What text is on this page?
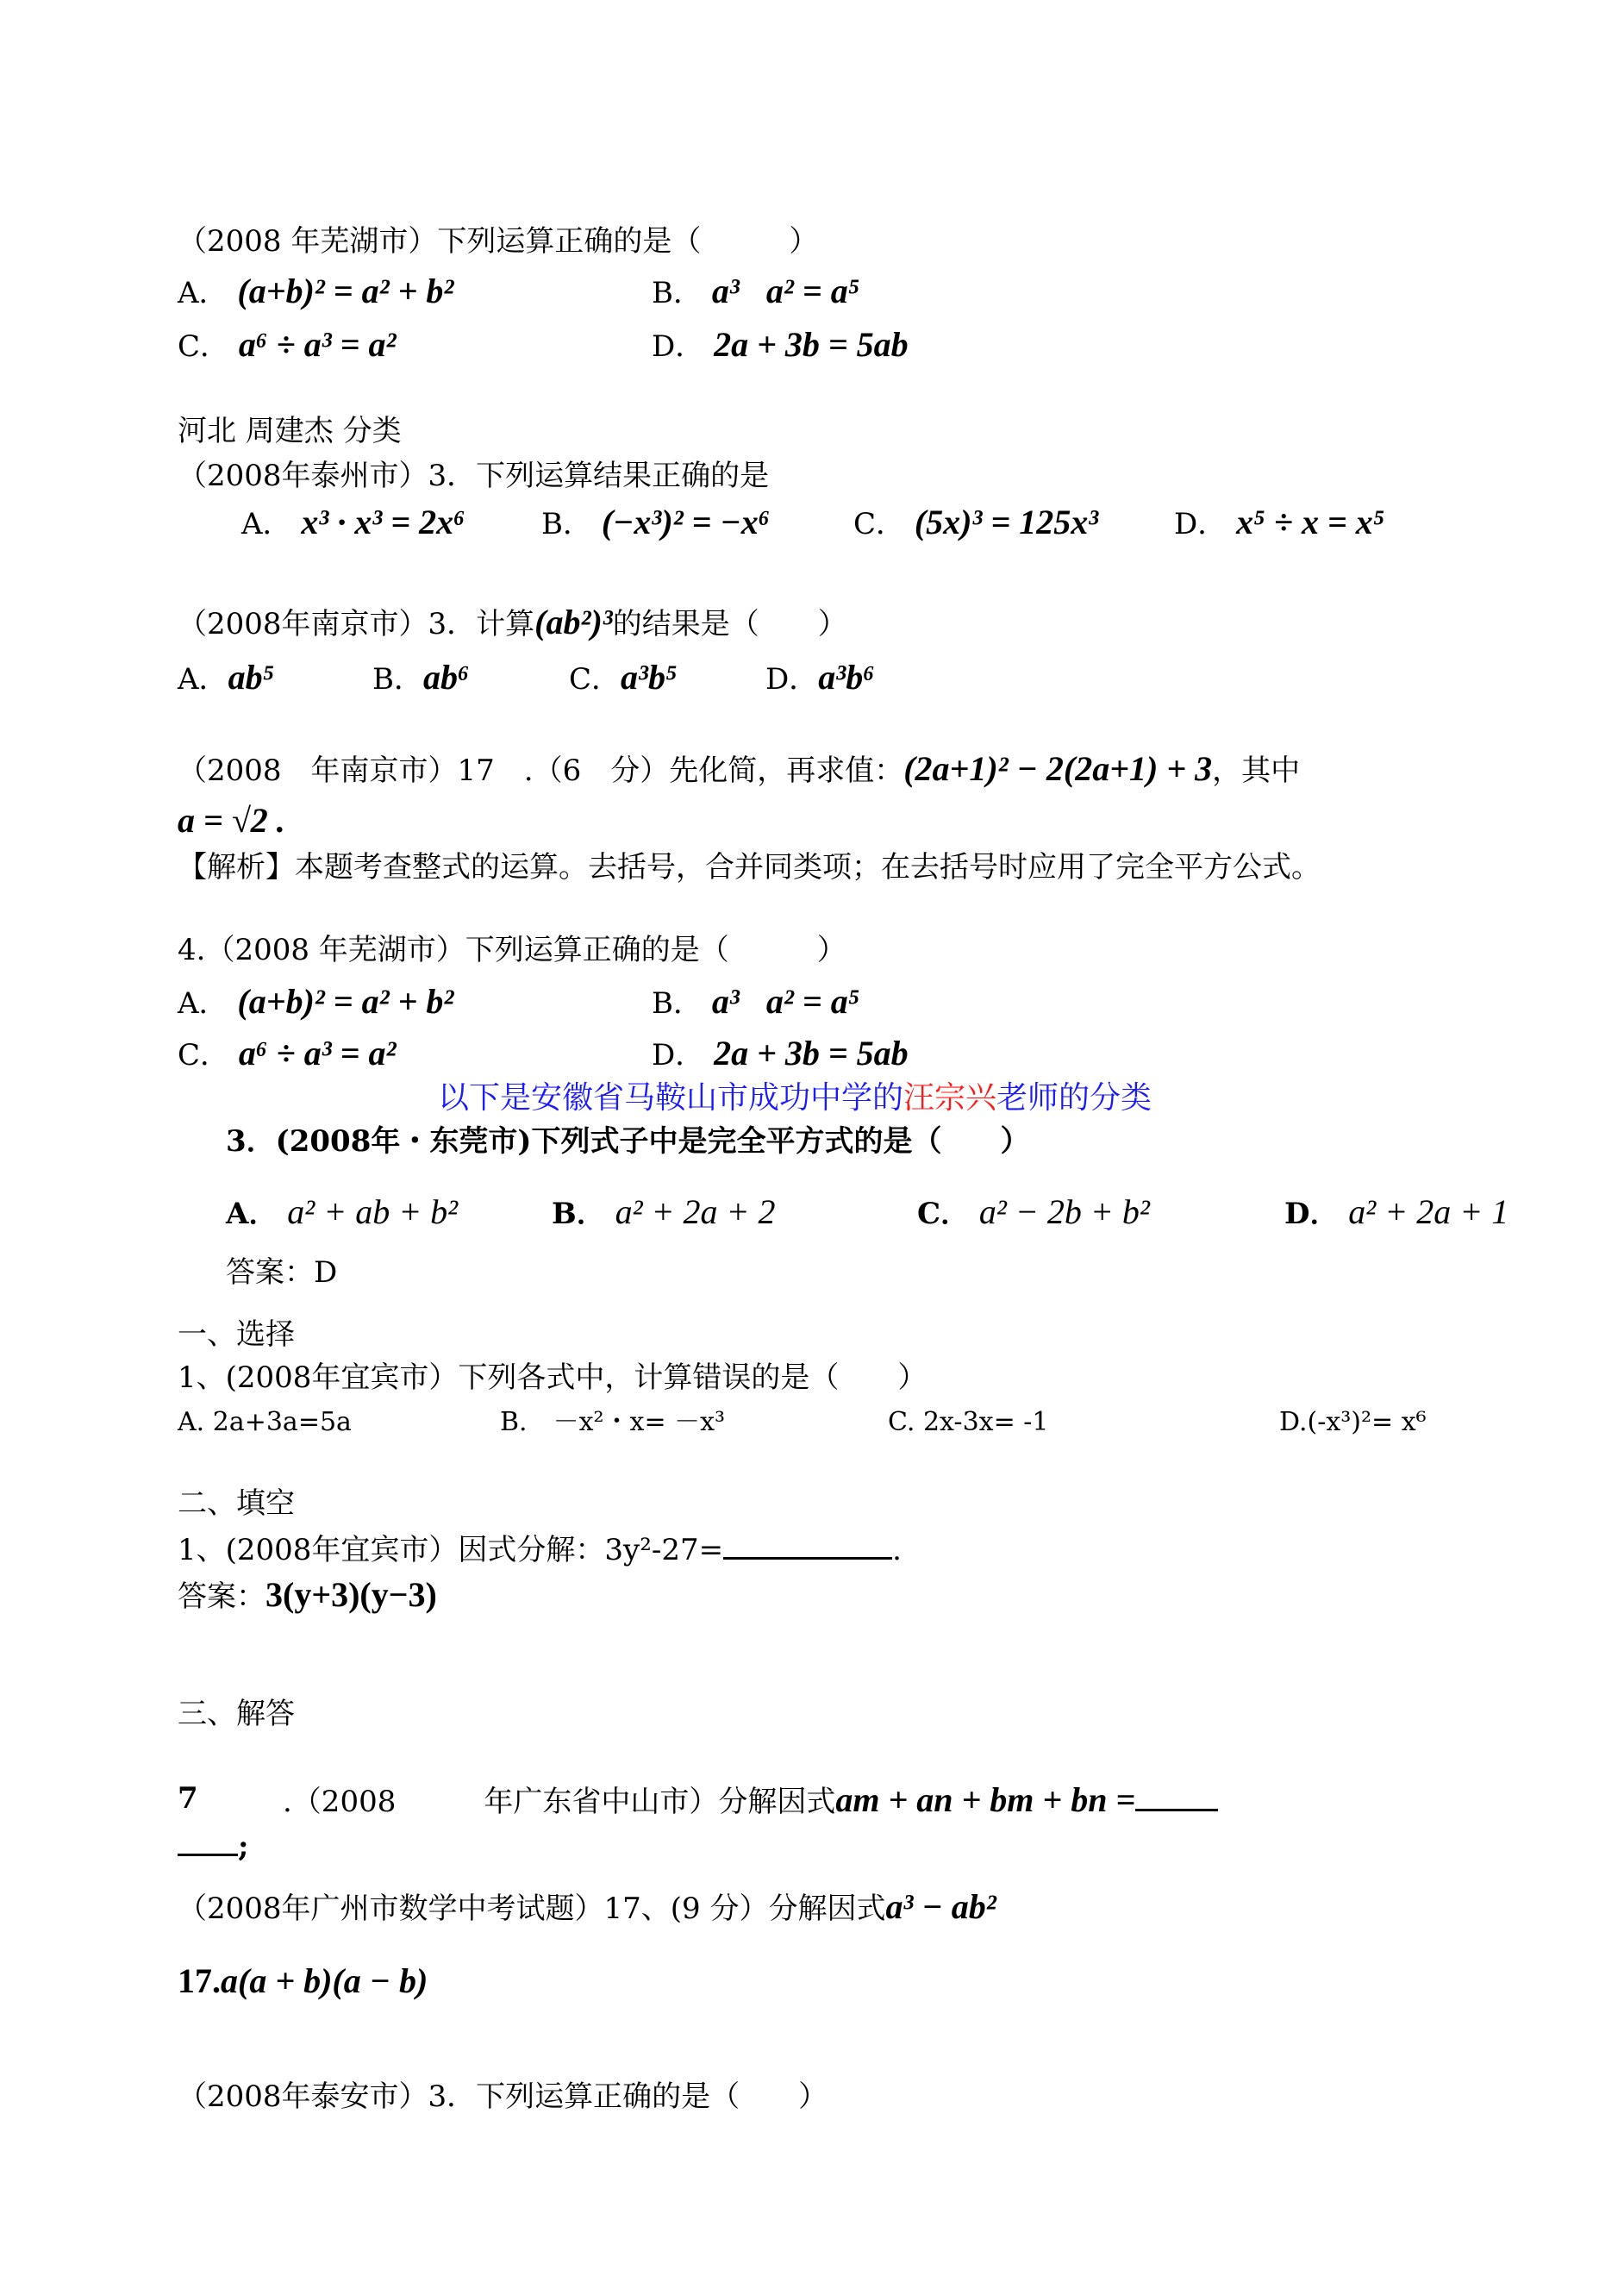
（2008 年芜湖市）下列运算正确的是（　　　）
A． (a+b)² = a² + b²	B． a³⃞a² = a⁵
C． a⁶ ÷ a³ = a²	D． 2a + 3b = 5ab
河北 周建杰 分类
（2008年泰州市）3．下列运算结果正确的是
A． x³ · x³ = 2x⁶	B． (−x³)² = −x⁶	C． (5x)³ = 125x³	D． x⁵ ÷ x = x⁵
（2008年南京市）3．计算(ab²)³的结果是（　　）
A．ab⁵	B．ab⁶	C．a³b⁵	D．a³b⁶
（2008　年南京市）17　.（6　分）先化简，再求值：(2a+1)² − 2(2a+1) + 3，其中
a = √2 .
【解析】本题考查整式的运算。去括号，合并同类项；在去括号时应用了完全平方公式。
4.（2008 年芜湖市）下列运算正确的是（　　　）
A． (a+b)² = a² + b²	B． a³⃞a² = a⁵
C． a⁶ ÷ a³ = a²	D． 2a + 3b = 5ab
以下是安徽省马鞍山市成功中学的汪宗兴老师的分类
3．(2008年・东莞市)下列式子中是完全平方式的是（　　）
A． a² + ab + b²	B． a² + 2a + 2	C． a² − 2b + b²	D． a² + 2a + 1
答案：D
一、选择
1、(2008年宜宾市）下列各式中，计算错误的是（　　）
A. 2a+3a=5a	B.　－x²・x= －x³	C. 2x-3x= -1	D.(-x³)²= x⁶
二、填空
1、(2008年宜宾市）因式分解：3y²-27=	.
答案：3(y+3)(y−3)
三、解答
7	.（2008　　　年广东省中山市）分解因式am + an + bm + bn =
;
（2008年广州市数学中考试题）17、(9 分）分解因式a³ − ab²
17.a(a + b)(a − b)
（2008年泰安市）3．下列运算正确的是（　　）
